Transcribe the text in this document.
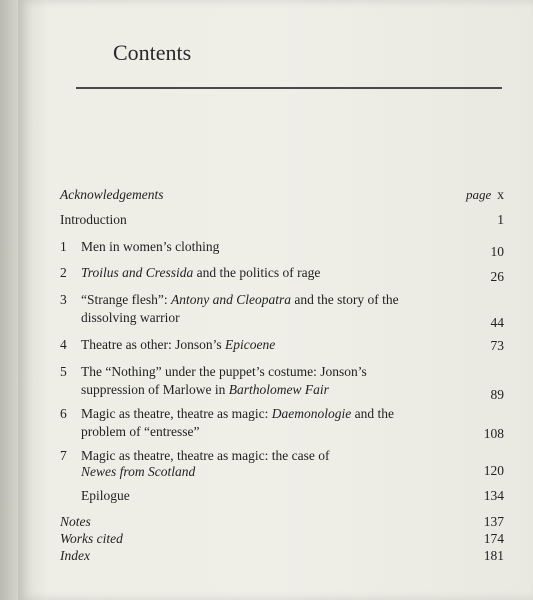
Contents
Acknowledgements	page x
Introduction	1
1	Men in women’s clothing	10
2	Troilus and Cressida and the politics of rage	26
3	“Strange flesh”: Antony and Cleopatra and the story of the
dissolving warrior	44
4	Theatre as other: Jonson’s Epicoene	73
5	The “Nothing” under the puppet’s costume: Jonson’s
suppression of Marlowe in Bartholomew Fair	89
6	Magic as theatre, theatre as magic: Daemonologie and the
problem of “entresse”	108
7	Magic as theatre, theatre as magic: the case of
Newes from Scotland	120
Epilogue	134
Notes	137
Works cited	174
Index	181
